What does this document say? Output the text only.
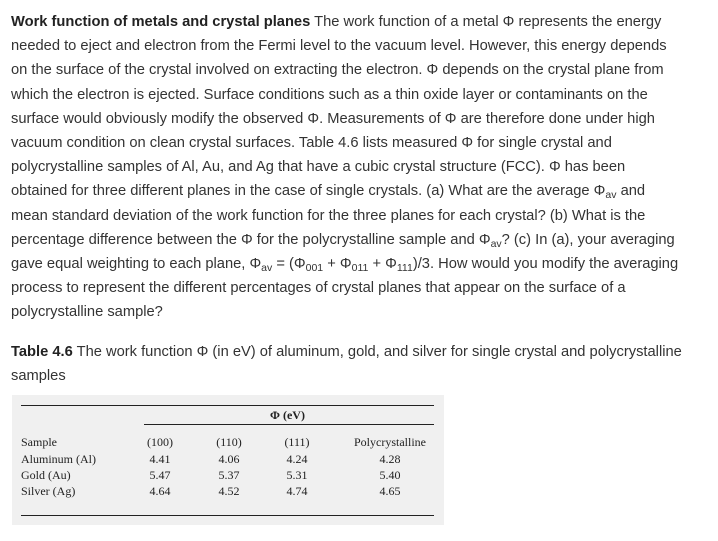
Work function of metals and crystal planes The work function of a metal Φ represents the energy needed to eject and electron from the Fermi level to the vacuum level. However, this energy depends on the surface of the crystal involved on extracting the electron. Φ depends on the crystal plane from which the electron is ejected. Surface conditions such as a thin oxide layer or contaminants on the surface would obviously modify the observed Φ. Measurements of Φ are therefore done under high vacuum condition on clean crystal surfaces. Table 4.6 lists measured Φ for single crystal and polycrystalline samples of Al, Au, and Ag that have a cubic crystal structure (FCC). Φ has been obtained for three different planes in the case of single crystals. (a) What are the average $\Phi_{av}$ and mean standard deviation of the work function for the three planes for each crystal? (b) What is the percentage difference between the Φ for the polycrystalline sample and $\Phi_{av}$? (c) In (a), your averaging gave equal weighting to each plane, $\Phi_{av} = (\Phi_{001} + \Phi_{011} + \Phi_{111})/3$. How would you modify the averaging process to represent the different percentages of crystal planes that appear on the surface of a polycrystalline sample?
Table 4.6 The work function Φ (in eV) of aluminum, gold, and silver for single crystal and polycrystalline samples
Φ (eV)
Sample	(100)	(110)	(111)	Polycrystalline
Aluminum (Al)	4.41	4.06	4.24	4.28
Gold (Au)	5.47	5.37	5.31	5.40
Silver (Ag)	4.64	4.52	4.74	4.65
